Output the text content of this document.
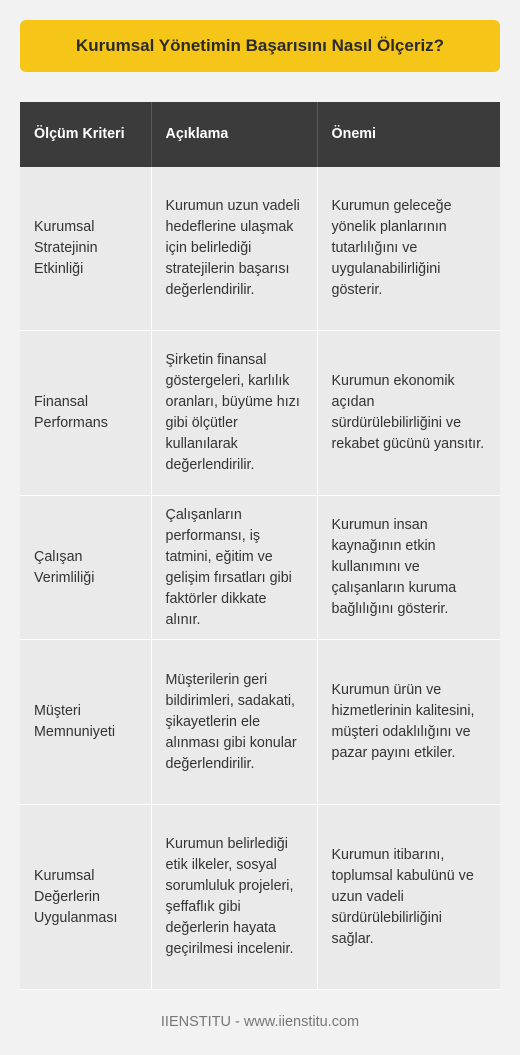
Kurumsal Yönetimin Başarısını Nasıl Ölçeriz?
Ölçüm Kriteri	Açıklama	Önemi
Kurumsal Stratejinin Etkinliği	Kurumun uzun vadeli hedeflerine ulaşmak için belirlediği stratejilerin başarısı değerlendirilir.	Kurumun geleceğe yönelik planlarının tutarlılığını ve uygulanabilirliğini gösterir.
Finansal Performans	Şirketin finansal göstergeleri, karlılık oranları, büyüme hızı gibi ölçütler kullanılarak değerlendirilir.	Kurumun ekonomik açıdan sürdürülebilirliğini ve rekabet gücünü yansıtır.
Çalışan Verimliliği	Çalışanların performansı, iş tatmini, eğitim ve gelişim fırsatları gibi faktörler dikkate alınır.	Kurumun insan kaynağının etkin kullanımını ve çalışanların kuruma bağlılığını gösterir.
Müşteri Memnuniyeti	Müşterilerin geri bildirimleri, sadakati, şikayetlerin ele alınması gibi konular değerlendirilir.	Kurumun ürün ve hizmetlerinin kalitesini, müşteri odaklılığını ve pazar payını etkiler.
Kurumsal Değerlerin Uygulanması	Kurumun belirlediği etik ilkeler, sosyal sorumluluk projeleri, şeffaflık gibi değerlerin hayata geçirilmesi incelenir.	Kurumun itibarını, toplumsal kabulünü ve uzun vadeli sürdürülebilirliğini sağlar.
IIENSTITU - www.iienstitu.com
